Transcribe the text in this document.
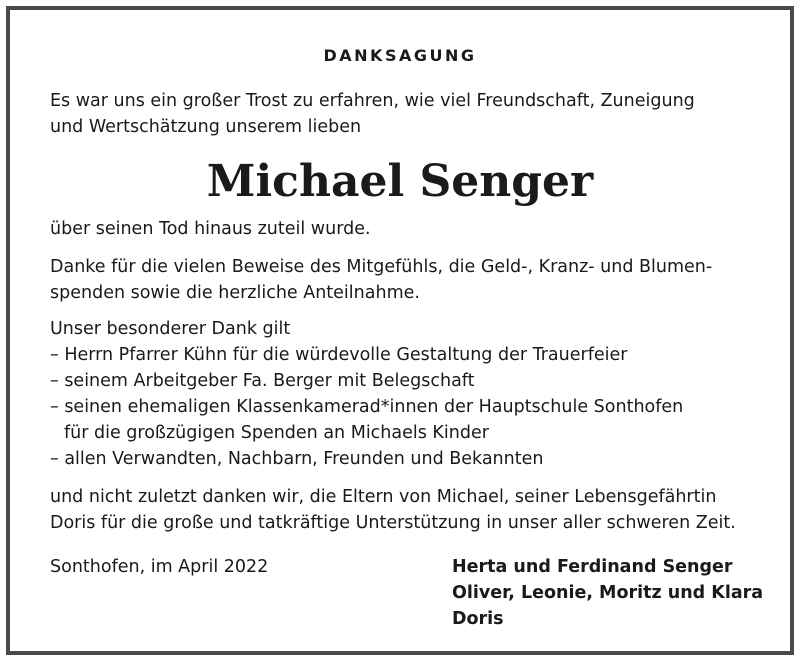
DANKSAGUNG

Es war uns ein großer Trost zu erfahren, wie viel Freundschaft, Zuneigung

und Wertschätzung unserem lieben

Michael Senger

über seinen Tod hinaus zuteil wurde.

Danke für die vielen Beweise des Mitgefühls, die Geld-, Kranz- und Blumen-

spenden sowie die herzliche Anteilnahme.

Unser besonderer Dank gilt

– Herrn Pfarrer Kühn für die würdevolle Gestaltung der Trauerfeier

– seinem Arbeitgeber Fa. Berger mit Belegschaft

– seinen ehemaligen Klassenkamerad*innen der Hauptschule Sonthofen

für die großzügigen Spenden an Michaels Kinder

– allen Verwandten, Nachbarn, Freunden und Bekannten

und nicht zuletzt danken wir, die Eltern von Michael, seiner Lebensgefährtin

Doris für die große und tatkräftige Unterstützung in unser aller schweren Zeit.

Sonthofen, im April 2022	Herta und Ferdinand Senger
Oliver, Leonie, Moritz und Klara
Doris
